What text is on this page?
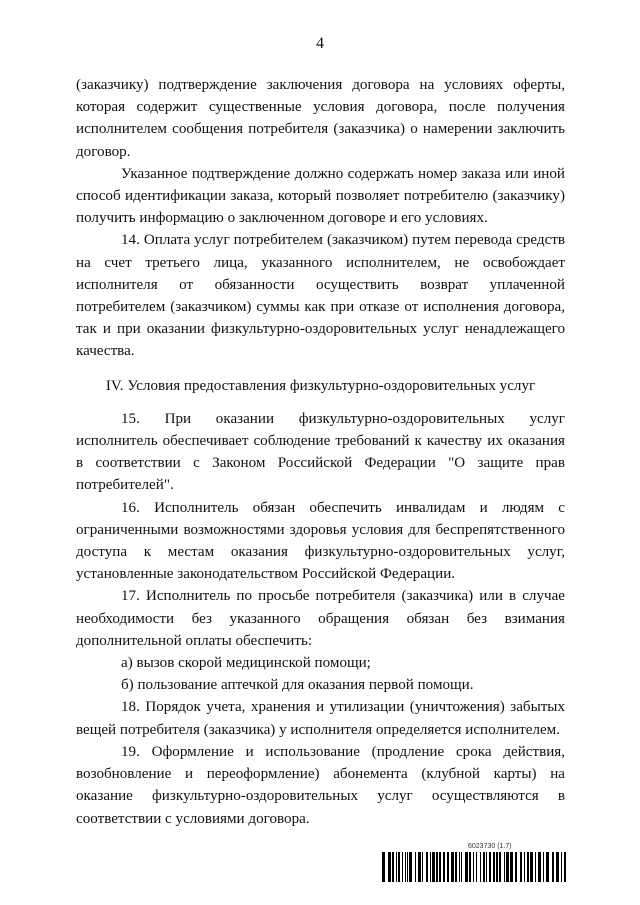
4

(заказчику) подтверждение заключения договора на условиях оферты, которая содержит существенные условия договора, после получения исполнителем сообщения потребителя (заказчика) о намерении заключить договор.

Указанное подтверждение должно содержать номер заказа или иной способ идентификации заказа, который позволяет потребителю (заказчику) получить информацию о заключенном договоре и его условиях.

14. Оплата услуг потребителем (заказчиком) путем перевода средств на счет третьего лица, указанного исполнителем, не освобождает исполнителя от обязанности осуществить возврат уплаченной потребителем (заказчиком) суммы как при отказе от исполнения договора, так и при оказании физкультурно-оздоровительных услуг ненадлежащего качества.

IV. Условия предоставления физкультурно-оздоровительных услуг

15. При оказании физкультурно-оздоровительных услуг исполнитель обеспечивает соблюдение требований к качеству их оказания в соответствии с Законом Российской Федерации "О защите прав потребителей".

16. Исполнитель обязан обеспечить инвалидам и людям с ограниченными возможностями здоровья условия для беспрепятственного доступа к местам оказания физкультурно-оздоровительных услуг, установленные законодательством Российской Федерации.

17. Исполнитель по просьбе потребителя (заказчика) или в случае необходимости без указанного обращения обязан без взимания дополнительной оплаты обеспечить:

а) вызов скорой медицинской помощи;

б) пользование аптечкой для оказания первой помощи.

18. Порядок учета, хранения и утилизации (уничтожения) забытых вещей потребителя (заказчика) у исполнителя определяется исполнителем.

19. Оформление и использование (продление срока действия, возобновление и переоформление) абонемента (клубной карты) на оказание физкультурно-оздоровительных услуг осуществляются в соответствии с условиями договора.

6023730 (1.7)
